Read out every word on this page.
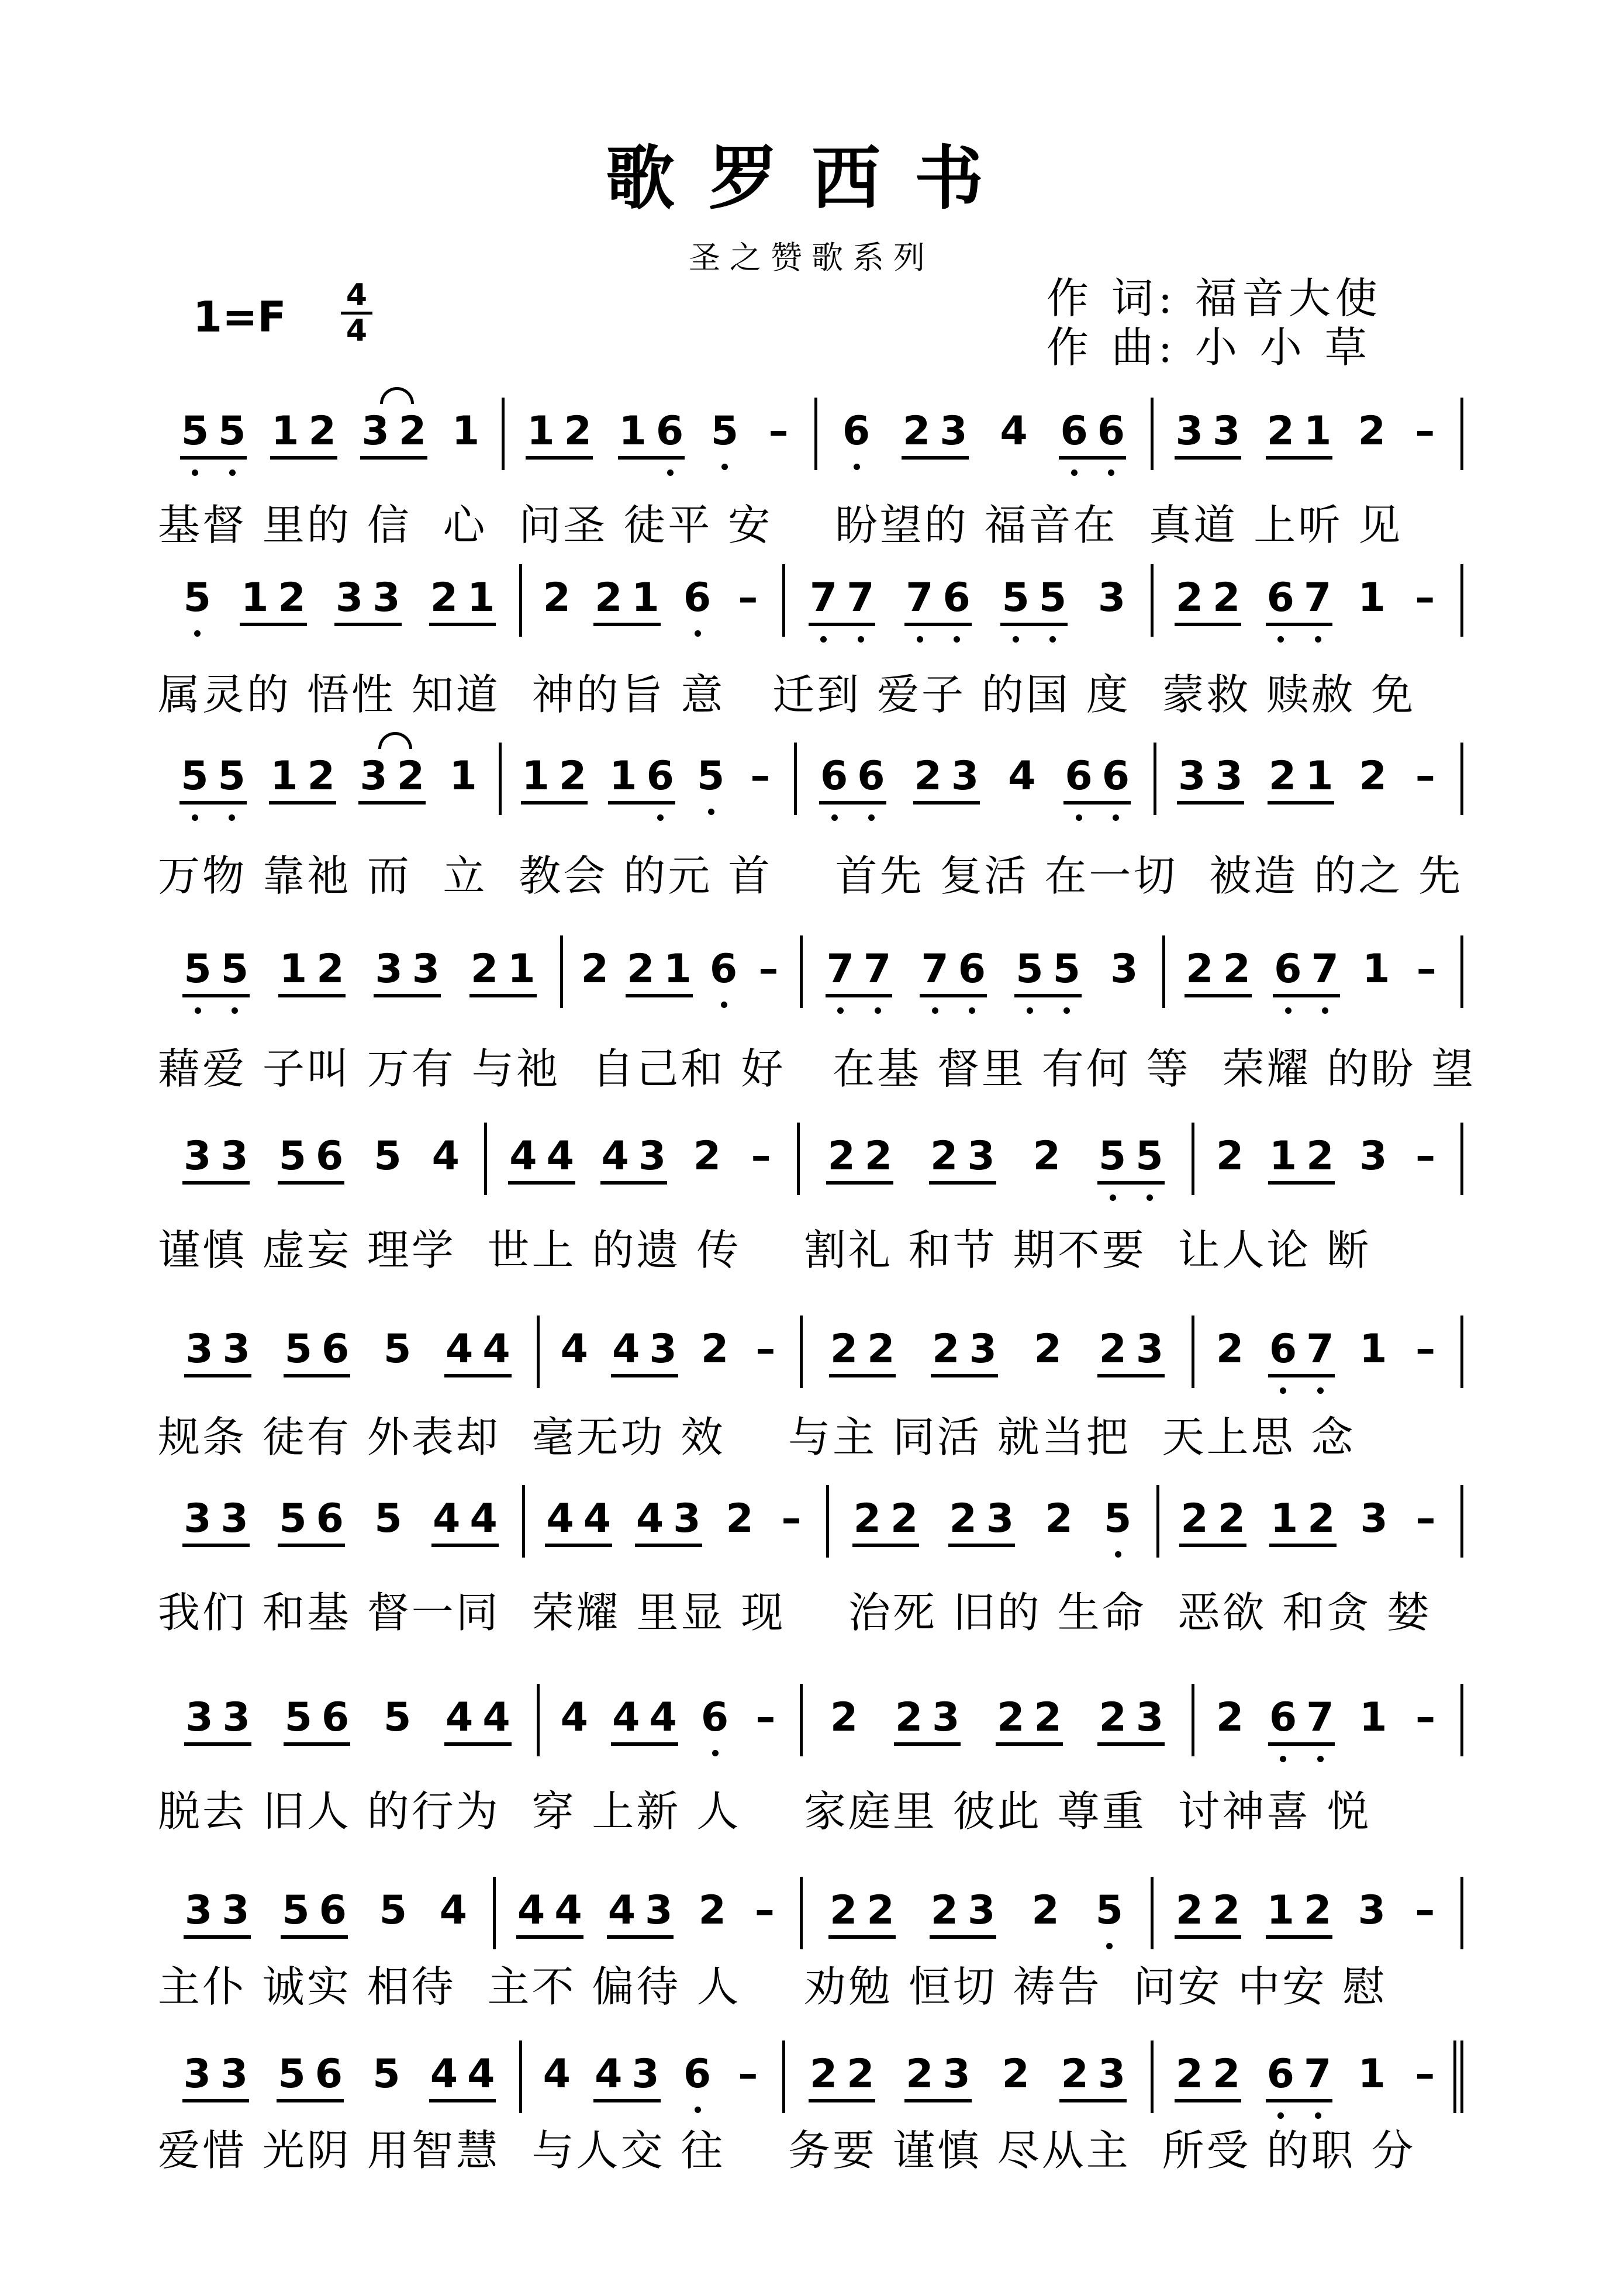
歌罗西书
圣之赞歌系列
1=F	4
4
作 词: 福音大使
作 曲: 小 小 草
5 5 1 2 3 2 1 1 2 1 6 5 – 6 2 3 4 6 6 3 3 2 1 2 –
基督 里的 信  心  问圣 徒平 安    盼望的 福音在  真道 上听 见
5 1 2 3 3 2 1 2 2 1 6 – 7 7 7 6 5 5 3 2 2 6 7 1 –
属灵的 悟性 知道  神的旨 意   迁到 爱子 的国 度  蒙救 赎赦 免
5 5 1 2 3 2 1 1 2 1 6 5 – 6 6 2 3 4 6 6 3 3 2 1 2 –
万物 靠祂 而  立  教会 的元 首    首先 复活 在一切  被造 的之 先
5 5 1 2 3 3 2 1 2 2 1 6 – 7 7 7 6 5 5 3 2 2 6 7 1 –
藉爱 子叫 万有 与祂  自己和 好   在基 督里 有何 等  荣耀 的盼 望
3 3 5 6 5 4 4 4 4 3 2 – 2 2 2 3 2 5 5 2 1 2 3 –
谨慎 虚妄 理学  世上 的遗 传    割礼 和节 期不要  让人论 断
3 3 5 6 5 4 4 4 4 3 2 – 2 2 2 3 2 2 3 2 6 7 1 –
规条 徒有 外表却  毫无功 效    与主 同活 就当把  天上思 念
3 3 5 6 5 4 4 4 4 4 3 2 – 2 2 2 3 2 5 2 2 1 2 3 –
我们 和基 督一同  荣耀 里显 现    治死 旧的 生命  恶欲 和贪 婪
3 3 5 6 5 4 4 4 4 4 6 – 2 2 3 2 2 2 3 2 6 7 1 –
脱去 旧人 的行为  穿 上新 人    家庭里 彼此 尊重  讨神喜 悦
3 3 5 6 5 4 4 4 4 3 2 – 2 2 2 3 2 5 2 2 1 2 3 –
主仆 诚实 相待  主不 偏待 人    劝勉 恒切 祷告  问安 中安 慰
3 3 5 6 5 4 4 4 4 3 6 – 2 2 2 3 2 2 3 2 2 6 7 1 –
爱惜 光阴 用智慧  与人交 往    务要 谨慎 尽从主  所受 的职 分
